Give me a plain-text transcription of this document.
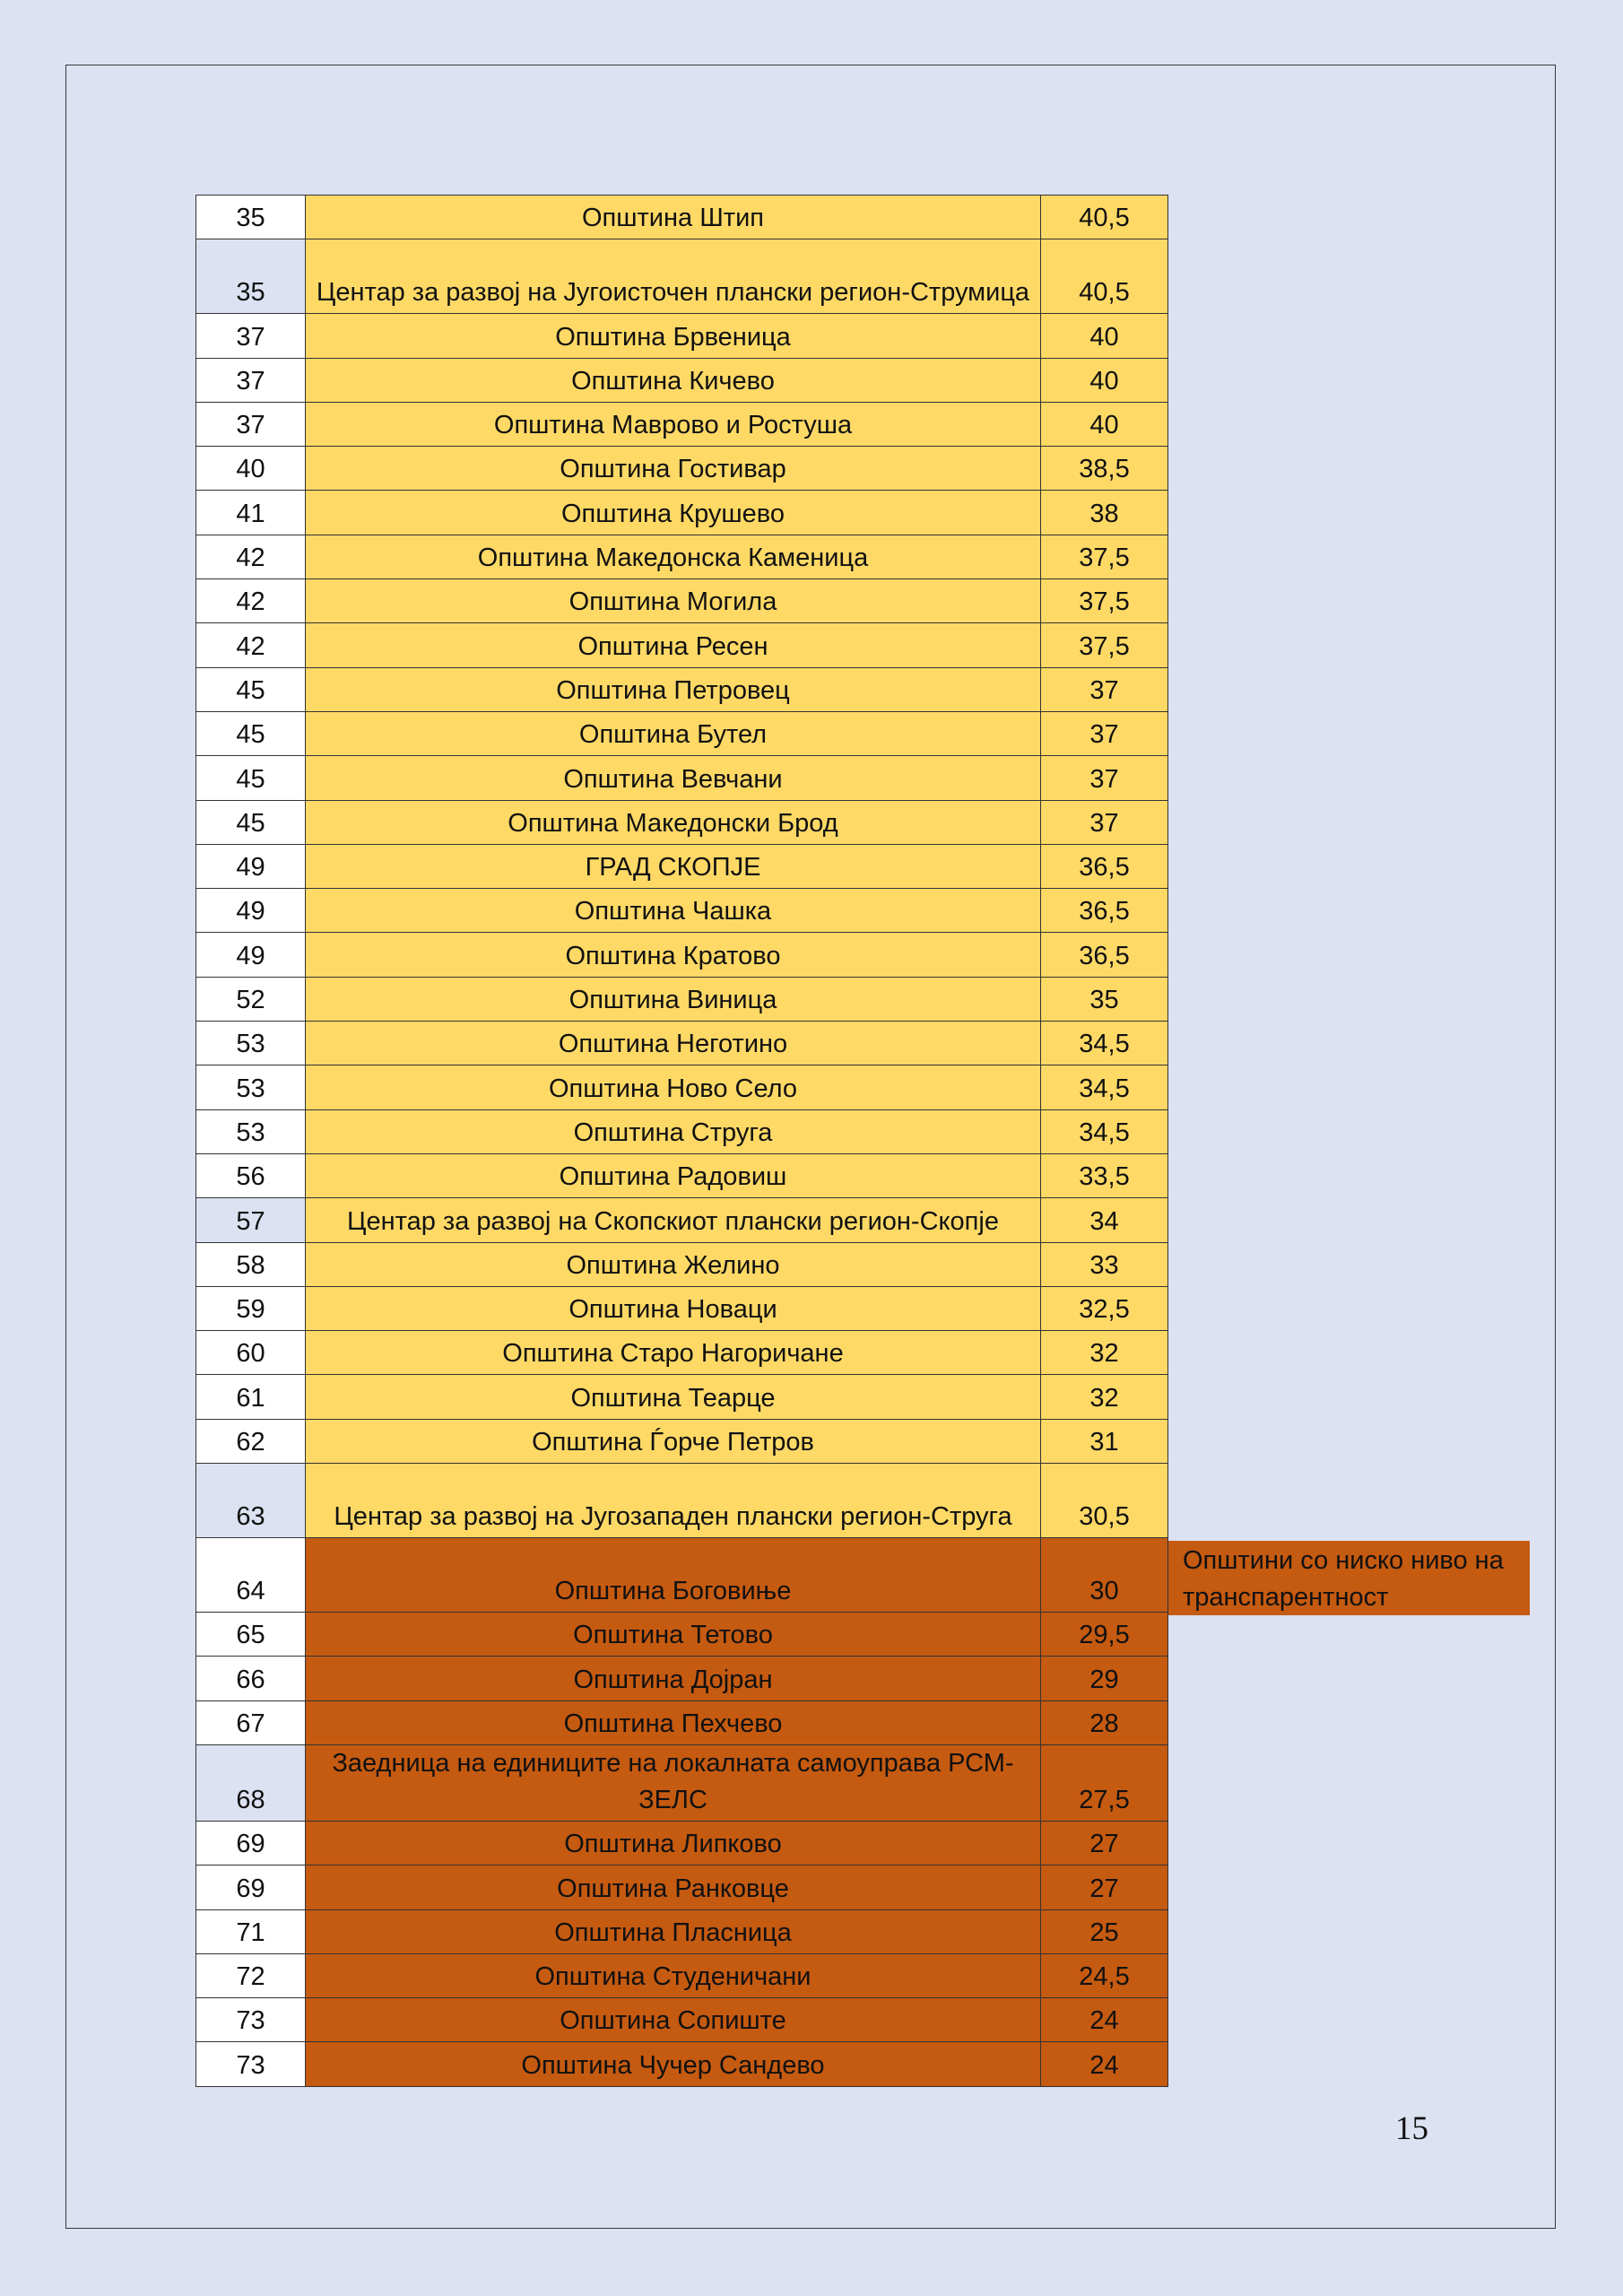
35	Општина Штип	40,5
35	Центар за развој на Југоисточен плански регион-Струмица	40,5
37	Општина Брвеница	40
37	Општина Кичево	40
37	Општина Маврово и Ростуша	40
40	Општина Гостивар	38,5
41	Општина Крушево	38
42	Општина Македонска Каменица	37,5
42	Општина Могила	37,5
42	Општина Ресен	37,5
45	Општина Петровец	37
45	Општина Бутел	37
45	Општина Вевчани	37
45	Општина Македонски Брод	37
49	ГРАД СКОПЈЕ	36,5
49	Општина Чашка	36,5
49	Општина Кратово	36,5
52	Општина Виница	35
53	Општина Неготино	34,5
53	Општина Ново Село	34,5
53	Општина Струга	34,5
56	Општина Радовиш	33,5
57	Центар за развој на Скопскиот плански регион-Скопје	34
58	Општина Желино	33
59	Општина Новаци	32,5
60	Општина Старо Нагоричане	32
61	Општина Теарце	32
62	Општина Ѓорче Петров	31
63	Центар за развој на Југозападен плански регион-Струга	30,5
64	Општина Боговиње	30
65	Општина Тетово	29,5
66	Општина Дојран	29
67	Општина Пехчево	28
68	Заедница на единиците на локалната самоуправа РСМ-ЗЕЛС	27,5
69	Општина Липково	27
69	Општина Ранковце	27
71	Општина Пласница	25
72	Општина Студеничани	24,5
73	Општина Сопиште	24
73	Општина Чучер Сандево	24
Општини со ниско ниво на транспарентност
15
